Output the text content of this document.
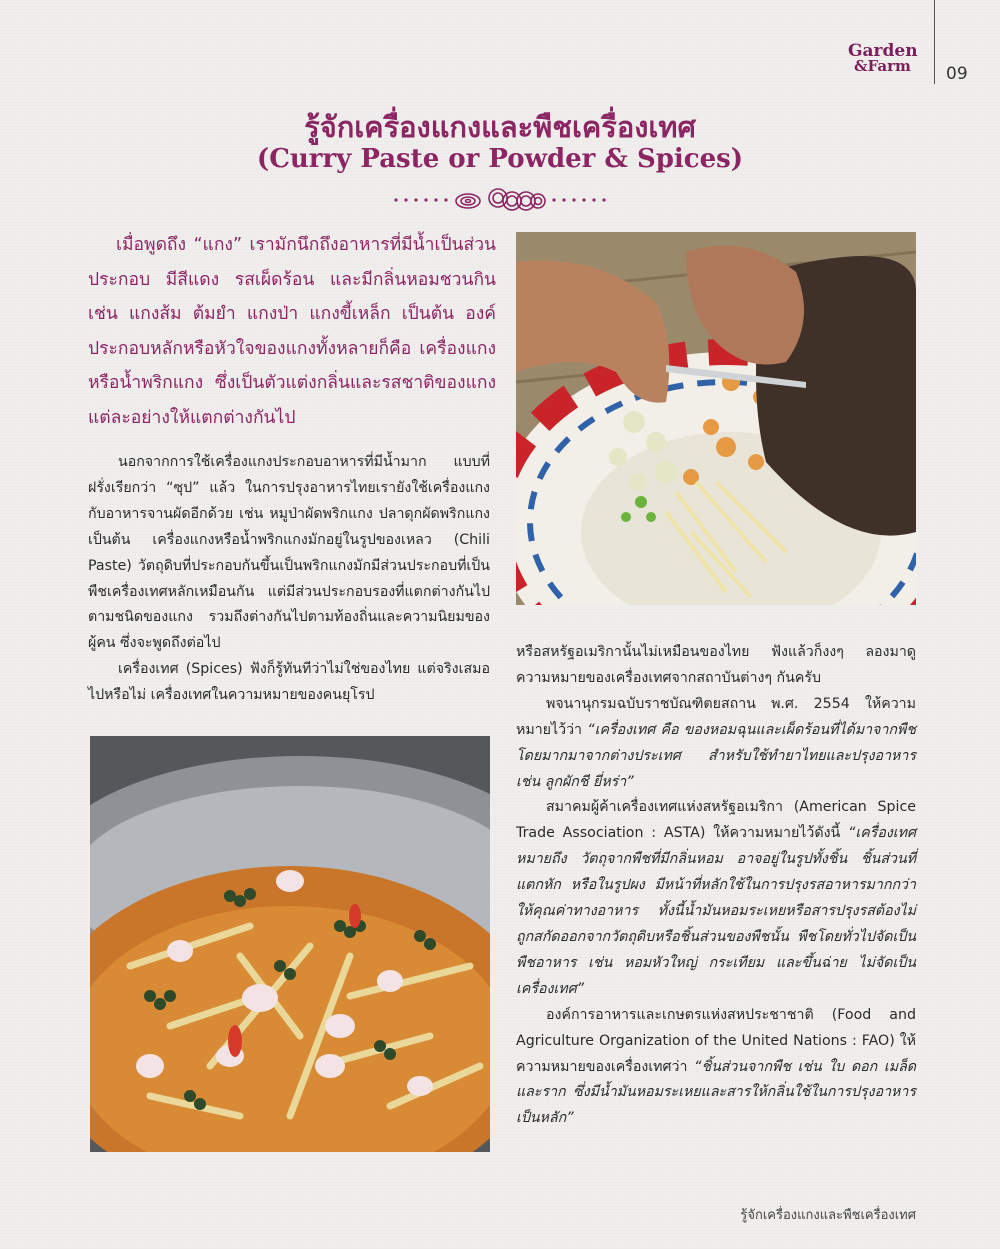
Garden
&Farm	09
รู้จักเครื่องแกงและพืชเครื่องเทศ
(Curry Paste or Powder & Spices)

เมื่อพูดถึง “แกง” เรามักนึกถึงอาหารที่มีน้ำเป็นส่วนประกอบ มีสีแดง รสเผ็ดร้อน และมีกลิ่นหอมชวนกิน เช่น แกงส้ม ต้มยำ แกงป่า แกงขี้เหล็ก เป็นต้น องค์ประกอบหลักหรือหัวใจของแกงทั้งหลายก็คือ เครื่องแกงหรือน้ำพริกแกง ซึ่งเป็นตัวแต่งกลิ่นและรสชาติของแกงแต่ละอย่างให้แตกต่างกันไป

นอกจากการใช้เครื่องแกงประกอบอาหารที่มีน้ำมาก แบบที่ฝรั่งเรียกว่า “ซุป” แล้ว ในการปรุงอาหารไทยเรายังใช้เครื่องแกงกับอาหารจานผัดอีกด้วย เช่น หมูป่าผัดพริกแกง ปลาดุกผัดพริกแกง เป็นต้น เครื่องแกงหรือน้ำพริกแกงมักอยู่ในรูปของเหลว (Chili Paste) วัตถุดิบที่ประกอบกันขึ้นเป็นพริกแกงมักมีส่วนประกอบที่เป็นพืชเครื่องเทศหลักเหมือนกัน แต่มีส่วนประกอบรองที่แตกต่างกันไปตามชนิดของแกง รวมถึงต่างกันไปตามท้องถิ่นและความนิยมของผู้คน ซึ่งจะพูดถึงต่อไป

เครื่องเทศ (Spices) ฟังก็รู้ทันทีว่าไม่ใช่ของไทย แต่จริงเสมอไปหรือไม่ เครื่องเทศในความหมายของคนยุโรป

หรือสหรัฐอเมริกานั้นไม่เหมือนของไทย ฟังแล้วก็งงๆ ลองมาดูความหมายของเครื่องเทศจากสถาบันต่างๆ กันครับ

พจนานุกรมฉบับราชบัณฑิตยสถาน พ.ศ. 2554 ให้ความหมายไว้ว่า “เครื่องเทศ คือ ของหอมฉุนและเผ็ดร้อนที่ได้มาจากพืช โดยมากมาจากต่างประเทศ สำหรับใช้ทำยาไทยและปรุงอาหาร เช่น ลูกผักชี ยี่หร่า”

สมาคมผู้ค้าเครื่องเทศแห่งสหรัฐอเมริกา (American Spice Trade Association : ASTA) ให้ความหมายไว้ดังนี้ “เครื่องเทศ หมายถึง วัตถุจากพืชที่มีกลิ่นหอม อาจอยู่ในรูปทั้งชิ้น ชิ้นส่วนที่แตกหัก หรือในรูปผง มีหน้าที่หลักใช้ในการปรุงรสอาหารมากกว่าให้คุณค่าทางอาหาร ทั้งนี้น้ำมันหอมระเหยหรือสารปรุงรสต้องไม่ถูกสกัดออกจากวัตถุดิบหรือชิ้นส่วนของพืชนั้น พืชโดยทั่วไปจัดเป็นพืชอาหาร เช่น หอมหัวใหญ่ กระเทียม และขึ้นฉ่าย ไม่จัดเป็นเครื่องเทศ”

องค์การอาหารและเกษตรแห่งสหประชาชาติ (Food and Agriculture Organization of the United Nations : FAO) ให้ความหมายของเครื่องเทศว่า “ชิ้นส่วนจากพืช เช่น ใบ ดอก เมล็ด และราก ซึ่งมีน้ำมันหอมระเหยและสารให้กลิ่นใช้ในการปรุงอาหารเป็นหลัก”

รู้จักเครื่องแกงและพืชเครื่องเทศ
